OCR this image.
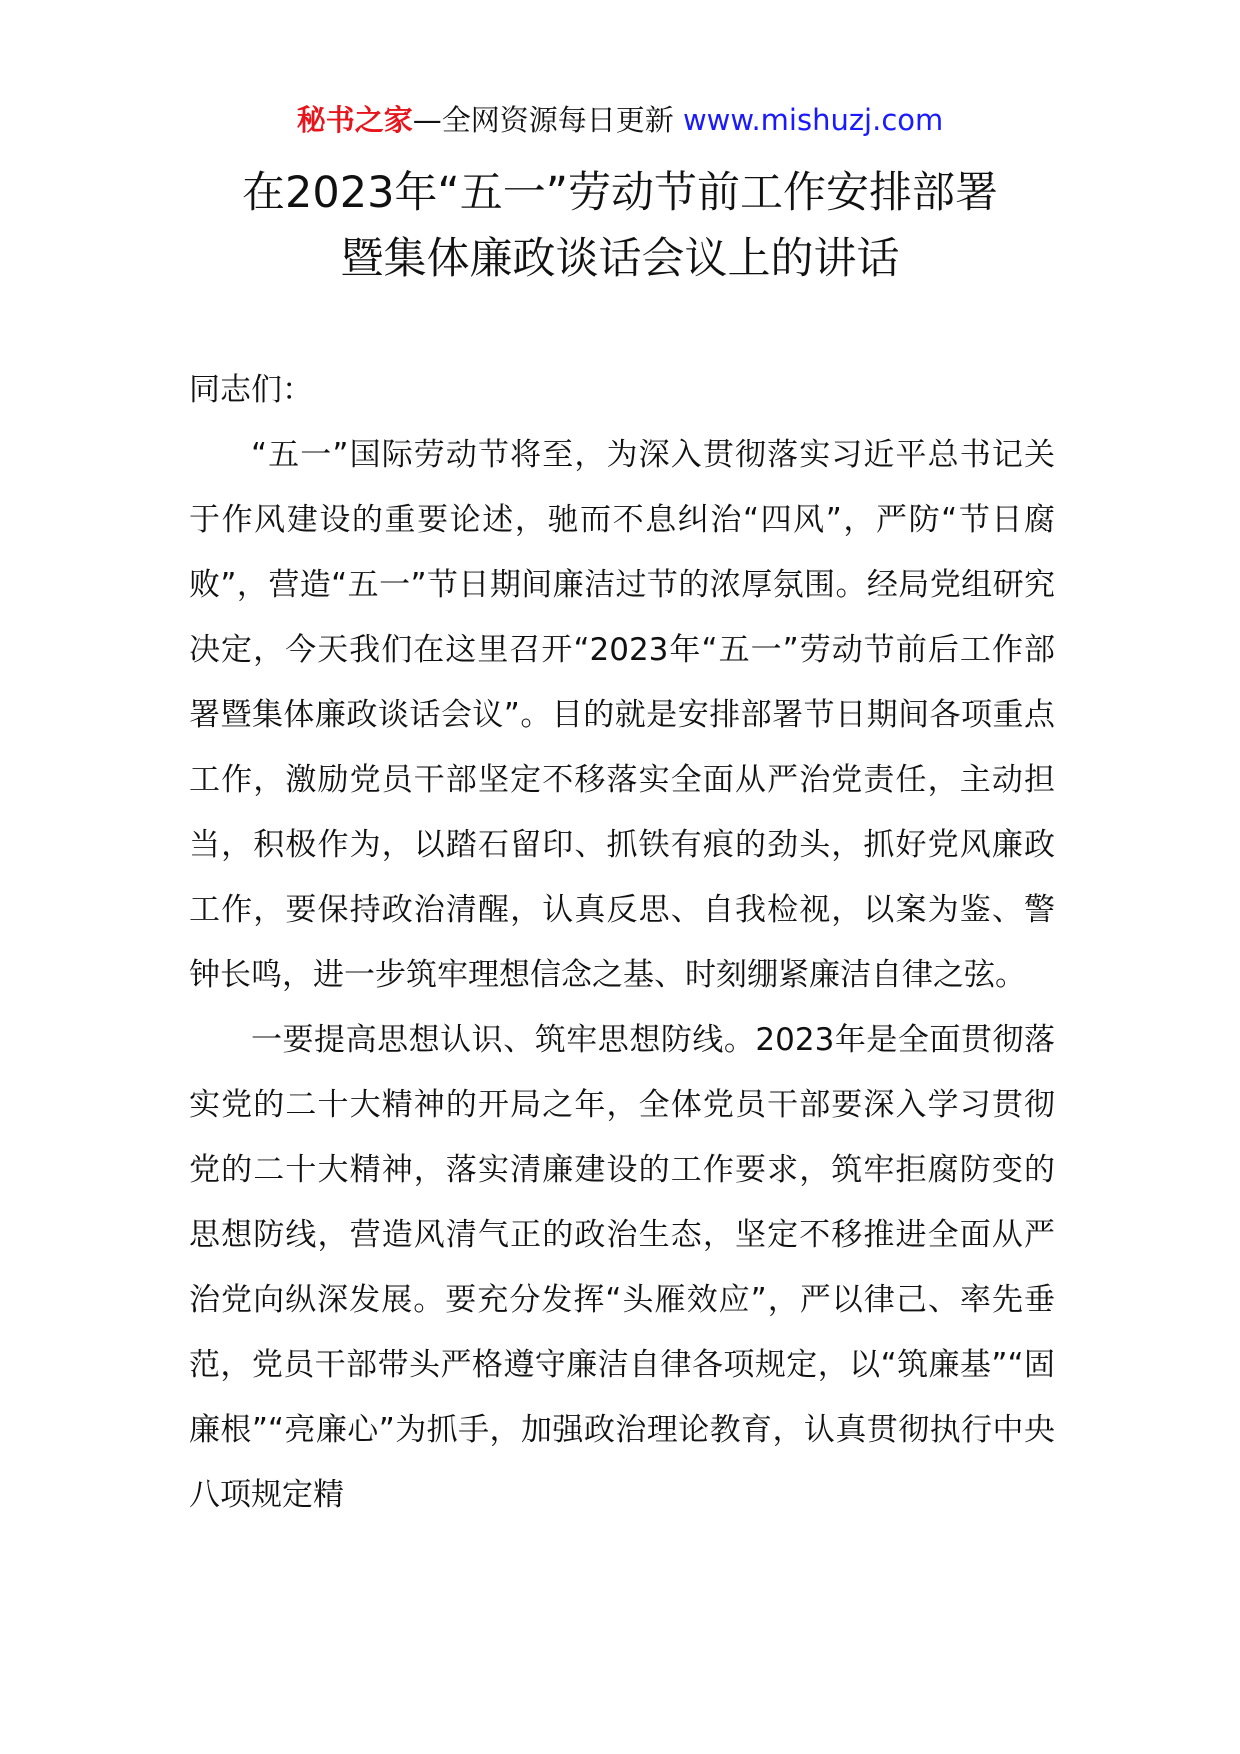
秘书之家—全网资源每日更新 www.mishuzj.com
在2023年“五一”劳动节前工作安排部署
暨集体廉政谈话会议上的讲话

同志们：

“五一”国际劳动节将至，为深入贯彻落实习近平总书记关于作风建设的重要论述，驰而不息纠治“四风”，严防“节日腐败”，营造“五一”节日期间廉洁过节的浓厚氛围。经局党组研究决定，今天我们在这里召开“2023年“五一”劳动节前后工作部署暨集体廉政谈话会议”。目的就是安排部署节日期间各项重点工作，激励党员干部坚定不移落实全面从严治党责任，主动担当，积极作为，以踏石留印、抓铁有痕的劲头，抓好党风廉政工作，要保持政治清醒，认真反思、自我检视，以案为鉴、警钟长鸣，进一步筑牢理想信念之基、时刻绷紧廉洁自律之弦。

一要提高思想认识、筑牢思想防线。2023年是全面贯彻落实党的二十大精神的开局之年，全体党员干部要深入学习贯彻党的二十大精神，落实清廉建设的工作要求，筑牢拒腐防变的思想防线，营造风清气正的政治生态，坚定不移推进全面从严治党向纵深发展。要充分发挥“头雁效应”，严以律己、率先垂范，党员干部带头严格遵守廉洁自律各项规定，以“筑廉基”“固廉根”“亮廉心”为抓手，加强政治理论教育，认真贯彻执行中央八项规定精
